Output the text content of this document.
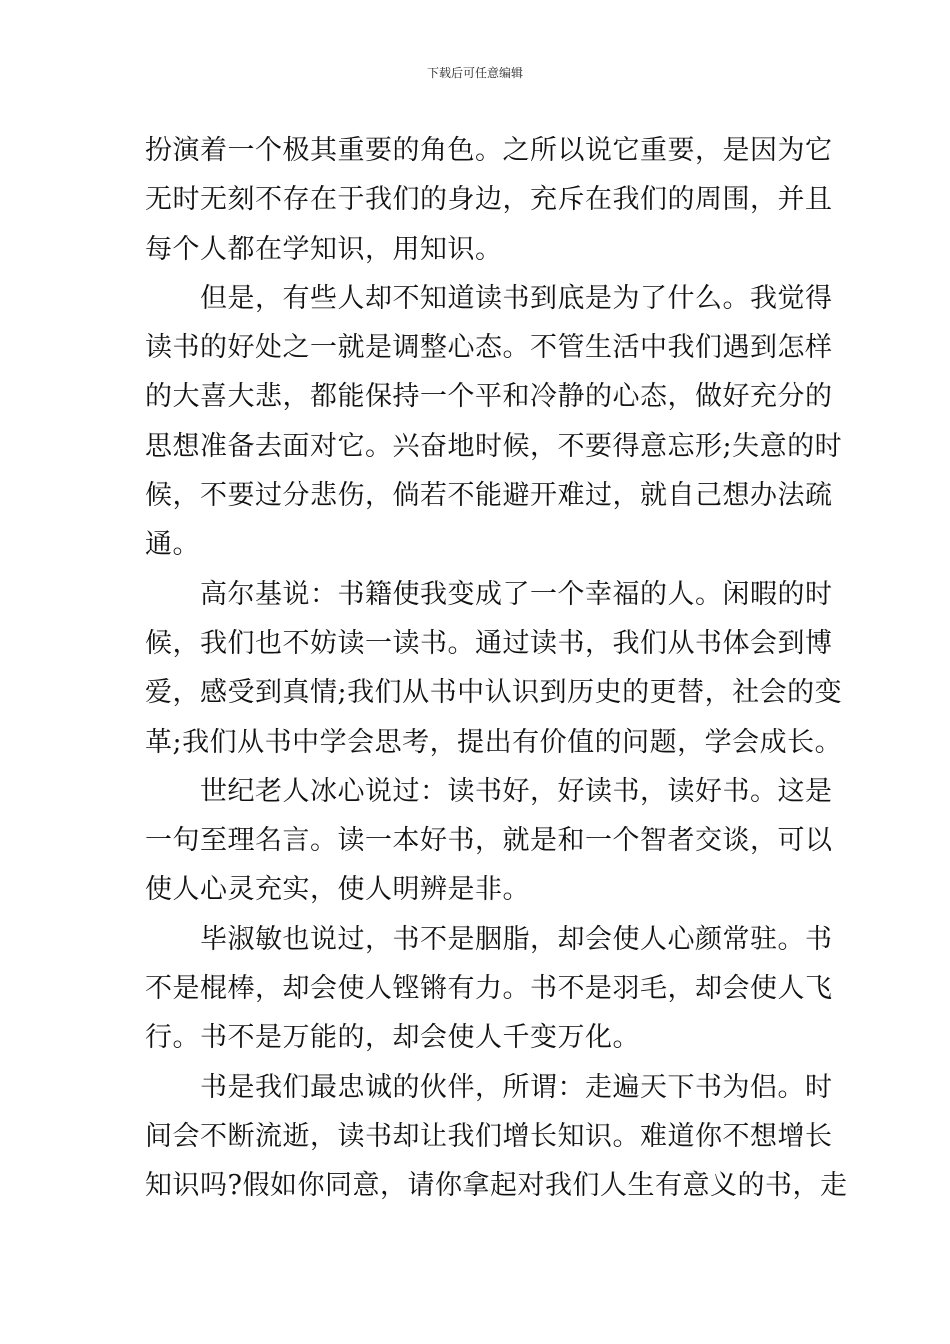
下载后可任意编辑
扮演着一个极其重要的角色。之所以说它重要，是因为它
无时无刻不存在于我们的身边，充斥在我们的周围，并且
每个人都在学知识，用知识。
　　但是，有些人却不知道读书到底是为了什么。我觉得
读书的好处之一就是调整心态。不管生活中我们遇到怎样
的大喜大悲，都能保持一个平和冷静的心态，做好充分的
思想准备去面对它。兴奋地时候，不要得意忘形;失意的时
候，不要过分悲伤，倘若不能避开难过，就自己想办法疏
通。
　　高尔基说：书籍使我变成了一个幸福的人。闲暇的时
候，我们也不妨读一读书。通过读书，我们从书体会到博
爱，感受到真情;我们从书中认识到历史的更替，社会的变
革;我们从书中学会思考，提出有价值的问题，学会成长。
　　世纪老人冰心说过：读书好，好读书，读好书。这是
一句至理名言。读一本好书，就是和一个智者交谈，可以
使人心灵充实，使人明辨是非。
　　毕淑敏也说过，书不是胭脂，却会使人心颜常驻。书
不是棍棒，却会使人铿锵有力。书不是羽毛，却会使人飞
行。书不是万能的，却会使人千变万化。
　　书是我们最忠诚的伙伴，所谓：走遍天下书为侣。时
间会不断流逝，读书却让我们增长知识。难道你不想增长
知识吗?假如你同意，请你拿起对我们人生有意义的书，走
